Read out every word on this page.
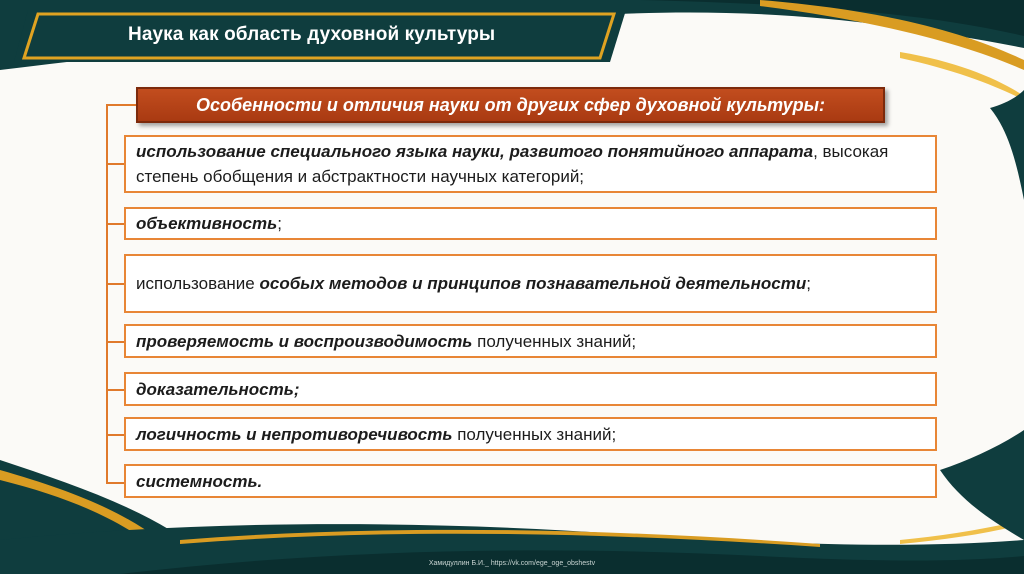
Наука как область духовной культуры
Особенности и отличия науки от других сфер духовной культуры:
использование специального языка науки, развитого понятийного аппарата, высокая степень обобщения и абстрактности научных категорий;
объективность;
использование особых методов и принципов познавательной деятельности;
проверяемость и воспроизводимость полученных знаний;
доказательность;
логичность и непротиворечивость полученных знаний;
системность.
Хамидуллин Б.И._ https://vk.com/ege_oge_obshestv
